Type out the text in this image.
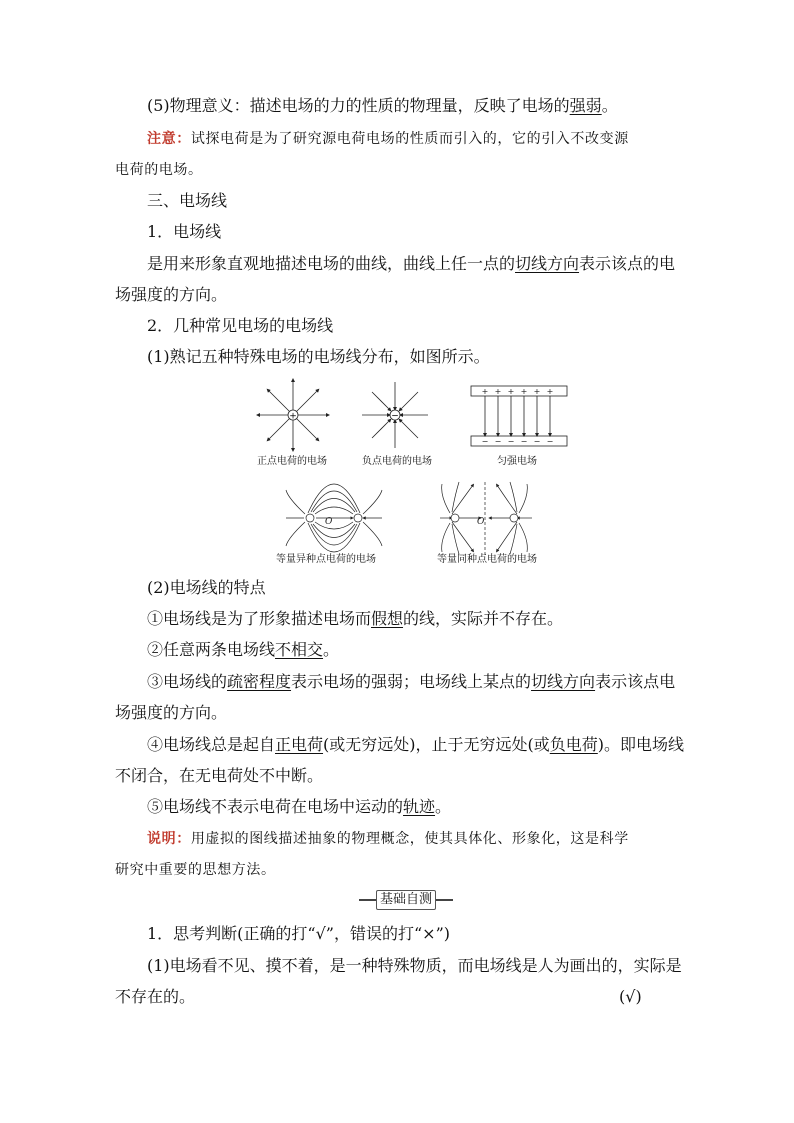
(5)物理意义：描述电场的力的性质的物理量，反映了电场的强弱。
注意：试探电荷是为了研究源电荷电场的性质而引入的，它的引入不改变源
电荷的电场。
三、电场线
1．电场线
是用来形象直观地描述电场的曲线，曲线上任一点的切线方向表示该点的电
场强度的方向。
2．几种常见电场的电场线
(1)熟记五种特殊电场的电场线分布，如图所示。
+	−
+ + + + + +
− − − − − −
O	O
正点电荷的电场	负点电荷的电场	匀强电场
等量异种点电荷的电场	等量同种点电荷的电场
(2)电场线的特点
①电场线是为了形象描述电场而假想的线，实际并不存在。
②任意两条电场线不相交。
③电场线的疏密程度表示电场的强弱；电场线上某点的切线方向表示该点电
场强度的方向。
④电场线总是起自正电荷(或无穷远处)，止于无穷远处(或负电荷)。即电场线
不闭合，在无电荷处不中断。
⑤电场线不表示电荷在电场中运动的轨迹。
说明：用虚拟的图线描述抽象的物理概念，使其具体化、形象化，这是科学
研究中重要的思想方法。
基础自测
1．思考判断(正确的打“√”，错误的打“×”)
(1)电场看不见、摸不着，是一种特殊物质，而电场线是人为画出的，实际是
不存在的。	(√)
